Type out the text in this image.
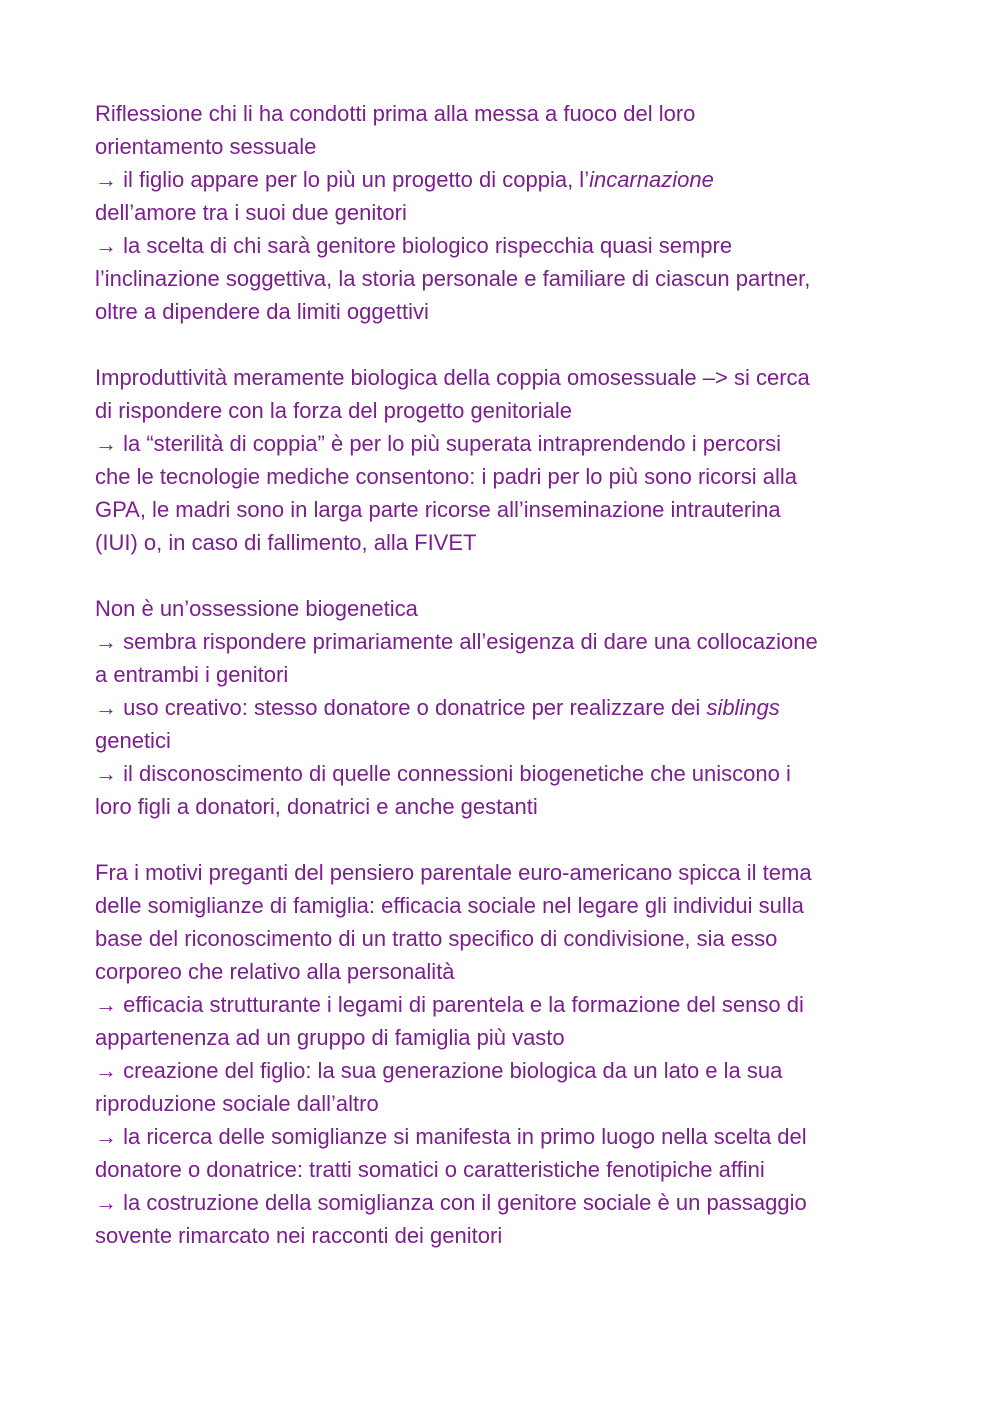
Riflessione chi li ha condotti prima alla messa a fuoco del loro
orientamento sessuale
→ il figlio appare per lo più un progetto di coppia, l’incarnazione
dell’amore tra i suoi due genitori
→ la scelta di chi sarà genitore biologico rispecchia quasi sempre
l’inclinazione soggettiva, la storia personale e familiare di ciascun partner,
oltre a dipendere da limiti oggettivi
Improduttività meramente biologica della coppia omosessuale –> si cerca
di rispondere con la forza del progetto genitoriale
→ la “sterilità di coppia” è per lo più superata intraprendendo i percorsi
che le tecnologie mediche consentono: i padri per lo più sono ricorsi alla
GPA, le madri sono in larga parte ricorse all’inseminazione intrauterina
(IUI) o, in caso di fallimento, alla FIVET
Non è un’ossessione biogenetica
→ sembra rispondere primariamente all’esigenza di dare una collocazione
a entrambi i genitori
→ uso creativo: stesso donatore o donatrice per realizzare dei siblings
genetici
→ il disconoscimento di quelle connessioni biogenetiche che uniscono i
loro figli a donatori, donatrici e anche gestanti
Fra i motivi preganti del pensiero parentale euro-americano spicca il tema
delle somiglianze di famiglia: efficacia sociale nel legare gli individui sulla
base del riconoscimento di un tratto specifico di condivisione, sia esso
corporeo che relativo alla personalità
→ efficacia strutturante i legami di parentela e la formazione del senso di
appartenenza ad un gruppo di famiglia più vasto
→ creazione del figlio: la sua generazione biologica da un lato e la sua
riproduzione sociale dall’altro
→ la ricerca delle somiglianze si manifesta in primo luogo nella scelta del
donatore o donatrice: tratti somatici o caratteristiche fenotipiche affini
→ la costruzione della somiglianza con il genitore sociale è un passaggio
sovente rimarcato nei racconti dei genitori
